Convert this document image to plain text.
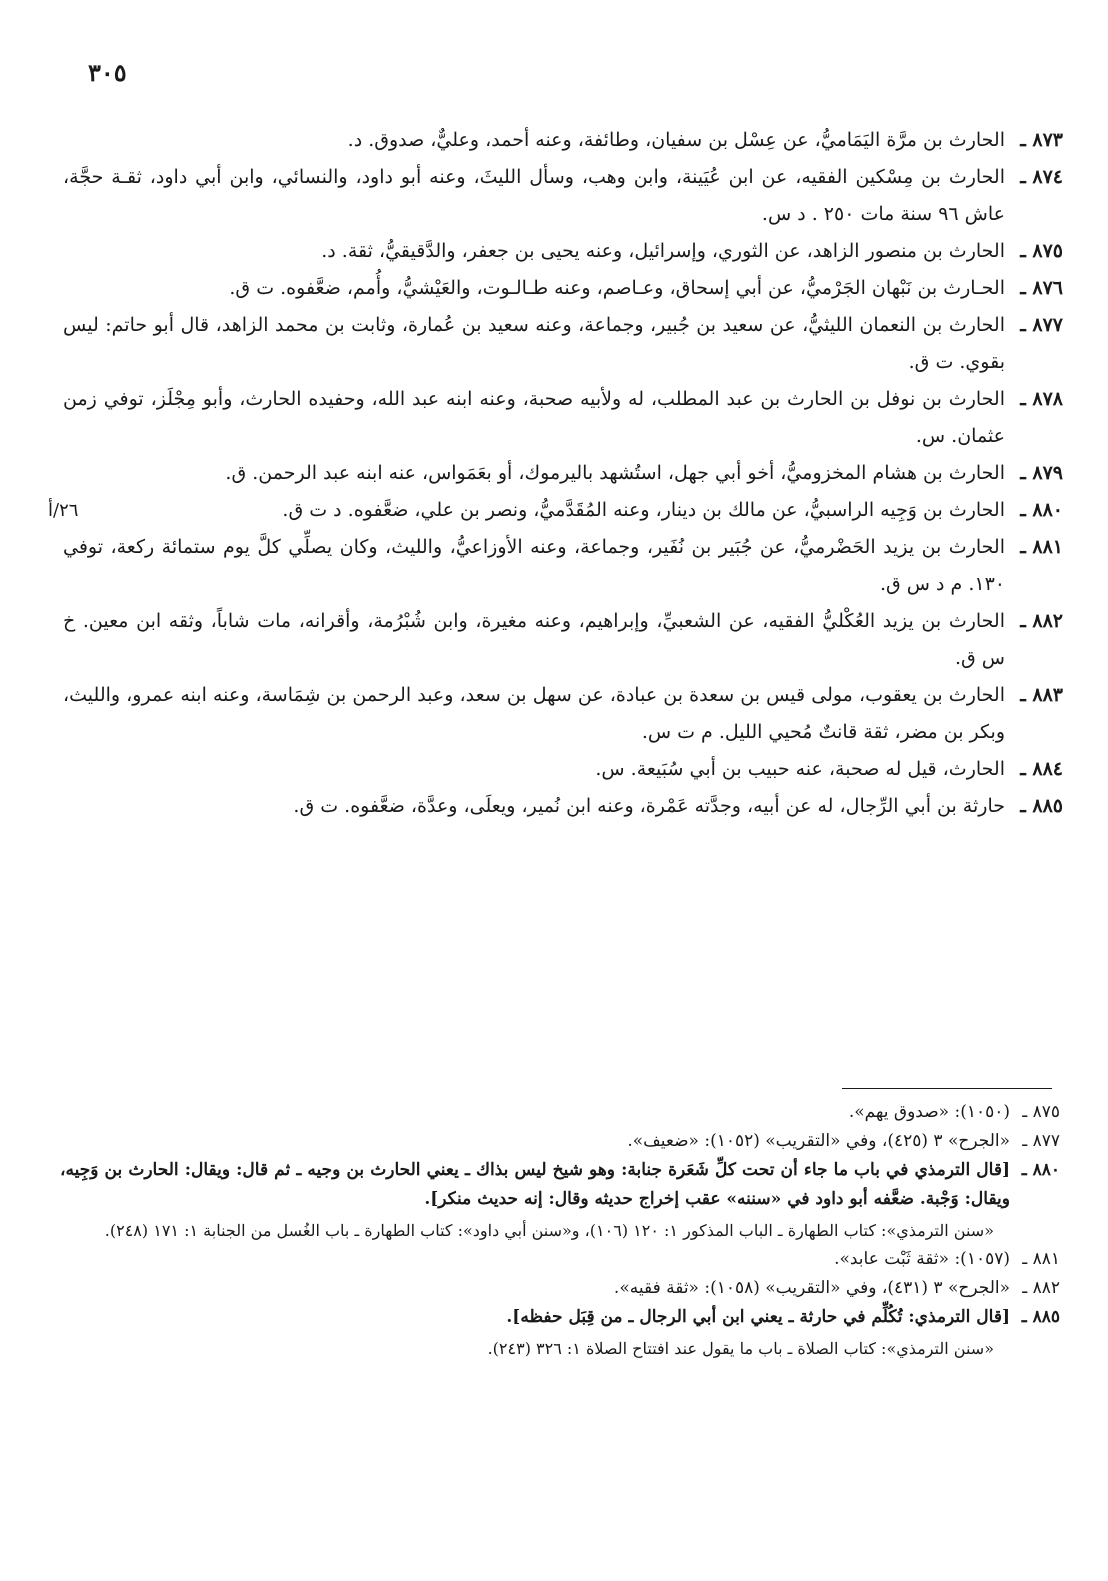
٣٠٥

٨٧٣ ـ
الحارث بن مرَّة اليَمَاميُّ، عن عِسْل بن سفيان، وطائفة، وعنه أحمد، وعليٌّ، صدوق. د.

٨٧٤ ـ
الحارث بن مِسْكين الفقيه، عن ابن عُيَينة، وابن وهب، وسأل الليثَ، وعنه أبو داود، والنسائي، وابن أبي داود، ثقـة حجَّة، عاش ٩٦ سنة مات ٢٥٠ . د س.

٨٧٥ ـ
الحارث بن منصور الزاهد، عن الثوري، وإسرائيل، وعنه يحيى بن جعفر، والدَّقيقيُّ، ثقة. د.

٨٧٦ ـ
الحـارث بن نَبْهان الجَرْميُّ، عن أبي إسحاق، وعـاصم، وعنه طـالـوت، والعَيْشيُّ، وأُمم، ضعَّفوه. ت ق.

٨٧٧ ـ
الحارث بن النعمان الليثيُّ، عن سعيد بن جُبير، وجماعة، وعنه سعيد بن عُمارة، وثابت بن محمد الزاهد، قال أبو حاتم: ليس بقوي. ت ق.

٨٧٨ ـ
الحارث بن نوفل بن الحارث بن عبد المطلب، له ولأبيه صحبة، وعنه ابنه عبد الله، وحفيده الحارث، وأبو مِجْلَز، توفي زمن عثمان. س.

٨٧٩ ـ
الحارث بن هشام المخزوميُّ، أخو أبي جهل، استُشهد باليرموك، أو بعَمَواس، عنه ابنه عبد الرحمن. ق.

٨٨٠ ـ
الحارث بن وَجِيه الراسبيُّ، عن مالك بن دينار، وعنه المُقَدَّميُّ، ونصر بن علي، ضعَّفوه. د ت ق.
٢٦/أ

٨٨١ ـ
الحارث بن يزيد الحَضْرميُّ، عن جُبَير بن نُفَير، وجماعة، وعنه الأوزاعيُّ، والليث، وكان يصلِّي كلَّ يوم ستمائة ركعة، توفي ١٣٠. م د س ق.

٨٨٢ ـ
الحارث بن يزيد العُكْليُّ الفقيه، عن الشعبيِّ، وإبراهيم، وعنه مغيرة، وابن شُبْرُمة، وأقرانه، مات شاباً، وثقه ابن معين. خ س ق.

٨٨٣ ـ
الحارث بن يعقوب، مولى قيس بن سعدة بن عبادة، عن سهل بن سعد، وعبد الرحمن بن شِمَاسة، وعنه ابنه عمرو، والليث، وبكر بن مضر، ثقة قانتٌ مُحيي الليل. م ت س.

٨٨٤ ـ
الحارث، قيل له صحبة، عنه حبيب بن أبي سُبَيعة. س.

٨٨٥ ـ
حارثة بن أبي الرِّجال، له عن أبيه، وجدَّته عَمْرة، وعنه ابن نُمير، ويعلَى، وعدَّة، ضعَّفوه. ت ق.

٨٧٥ ـ
(١٠٥٠): «صدوق يهم».

٨٧٧ ـ
«الجرح» ٣ (٤٢٥)، وفي «التقريب» (١٠٥٢): «ضعيف».

٨٨٠ ـ
[قال الترمذي في باب ما جاء أن تحت كلِّ شَعَرة جنابة: وهو شيخ ليس بذاك ـ يعني الحارث بن وجيه ـ ثم قال: ويقال: الحارث بن وَجِيه، ويقال: وَجْبة. ضعَّفه أبو داود في «سننه» عقب إخراج حديثه وقال: إنه حديث منكر].

«سنن الترمذي»: كتاب الطهارة ـ الباب المذكور ١: ١٢٠ (١٠٦)، و«سنن أبي داود»: كتاب الطهارة ـ باب الغُسل من الجنابة ١: ١٧١ (٢٤٨).

٨٨١ ـ
(١٠٥٧): «ثقة ثَبْت عابد».

٨٨٢ ـ
«الجرح» ٣ (٤٣١)، وفي «التقريب» (١٠٥٨): «ثقة فقيه».

٨٨٥ ـ
[قال الترمذي: تُكُلِّم في حارثة ـ يعني ابن أبي الرجال ـ من قِبَل حفظه].

«سنن الترمذي»: كتاب الصلاة ـ باب ما يقول عند افتتاح الصلاة ١: ٣٢٦ (٢٤٣).
